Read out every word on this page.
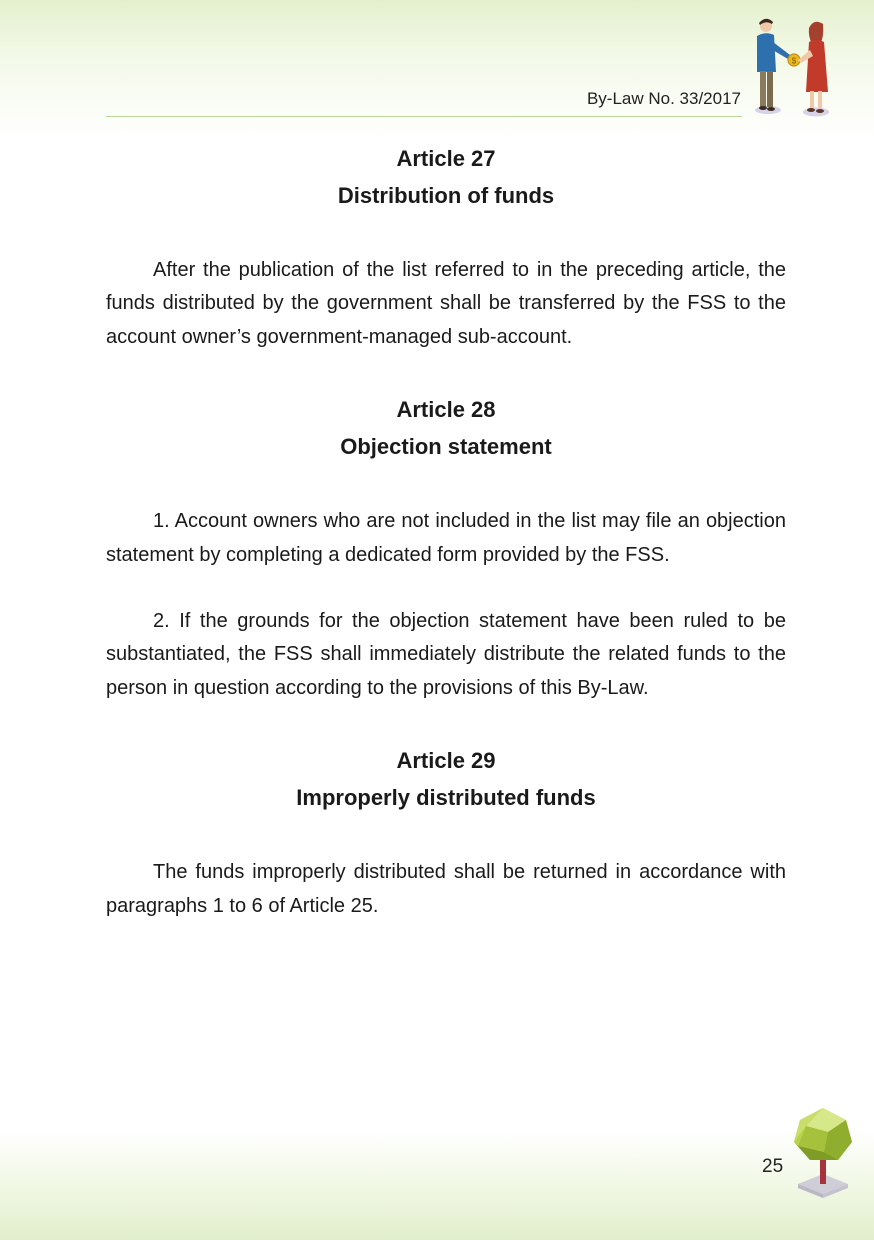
By-Law No. 33/2017
$

Article 27

Distribution of funds

After the publication of the list referred to in the preceding article, the funds distributed by the government shall be transferred by the FSS to the account owner’s government-managed sub-account.

Article 28

Objection statement

1. Account owners who are not included in the list may file an objection statement by completing a dedicated form provided by the FSS.

2. If the grounds for the objection statement have been ruled to be substantiated, the FSS shall immediately distribute the related funds to the person in question according to the provisions of this By-Law.

Article 29

Improperly distributed funds

The funds improperly distributed shall be returned in accordance with paragraphs 1 to 6 of Article 25.

25
